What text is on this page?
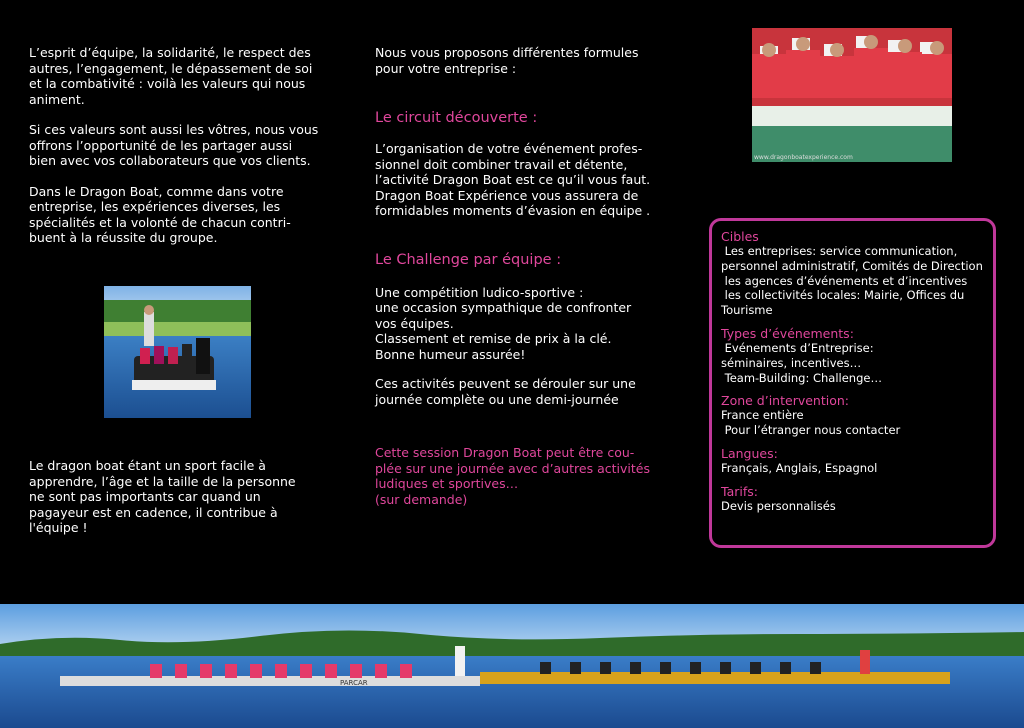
L’esprit d’équipe, la solidarité, le respect des
autres, l’engagement, le dépassement de soi
et la combativité : voilà les valeurs qui nous
animent.

Si ces valeurs sont aussi les vôtres, nous vous
offrons l’opportunité de les partager aussi
bien avec vos collaborateurs que vos clients.

Dans le Dragon Boat, comme dans votre
entreprise, les expériences diverses, les
spécialités et la volonté de chacun contri-
buent à la réussite du groupe.

Le dragon boat étant un sport facile à
apprendre, l’âge et la taille de la personne
ne sont pas importants car quand un
pagayeur est en cadence, il contribue à
l'équipe !

Nous vous proposons différentes formules
pour votre entreprise :

Le circuit découverte :

L’organisation de votre événement profes-
sionnel doit combiner travail et détente,
l’activité Dragon Boat est ce qu’il vous faut.
Dragon Boat Expérience vous assurera de
formidables moments d’évasion en équipe .

Le Challenge par équipe :

Une compétition ludico-sportive :
une occasion sympathique de confronter
vos équipes.
Classement et remise de prix à la clé.
Bonne humeur assurée!

Ces activités peuvent se dérouler sur une
journée complète ou une demi-journée

Cette session Dragon Boat peut être cou-
plée sur une journée avec d’autres activités
ludiques et sportives…
(sur demande)

www.dragonboatexperience.com
Cibles
Les entreprises: service communication,
personnel administratif, Comités de Direction
les agences d’événements et d’incentives
les collectivités locales: Mairie, Offices du
Tourisme
Types d’événements:
Evénements d’Entreprise:
séminaires, incentives…
Team-Building: Challenge…
Zone d’intervention:
France entière
Pour l’étranger nous contacter
Langues:
Français, Anglais, Espagnol
Tarifs:
Devis personnalisés
PARCAR
